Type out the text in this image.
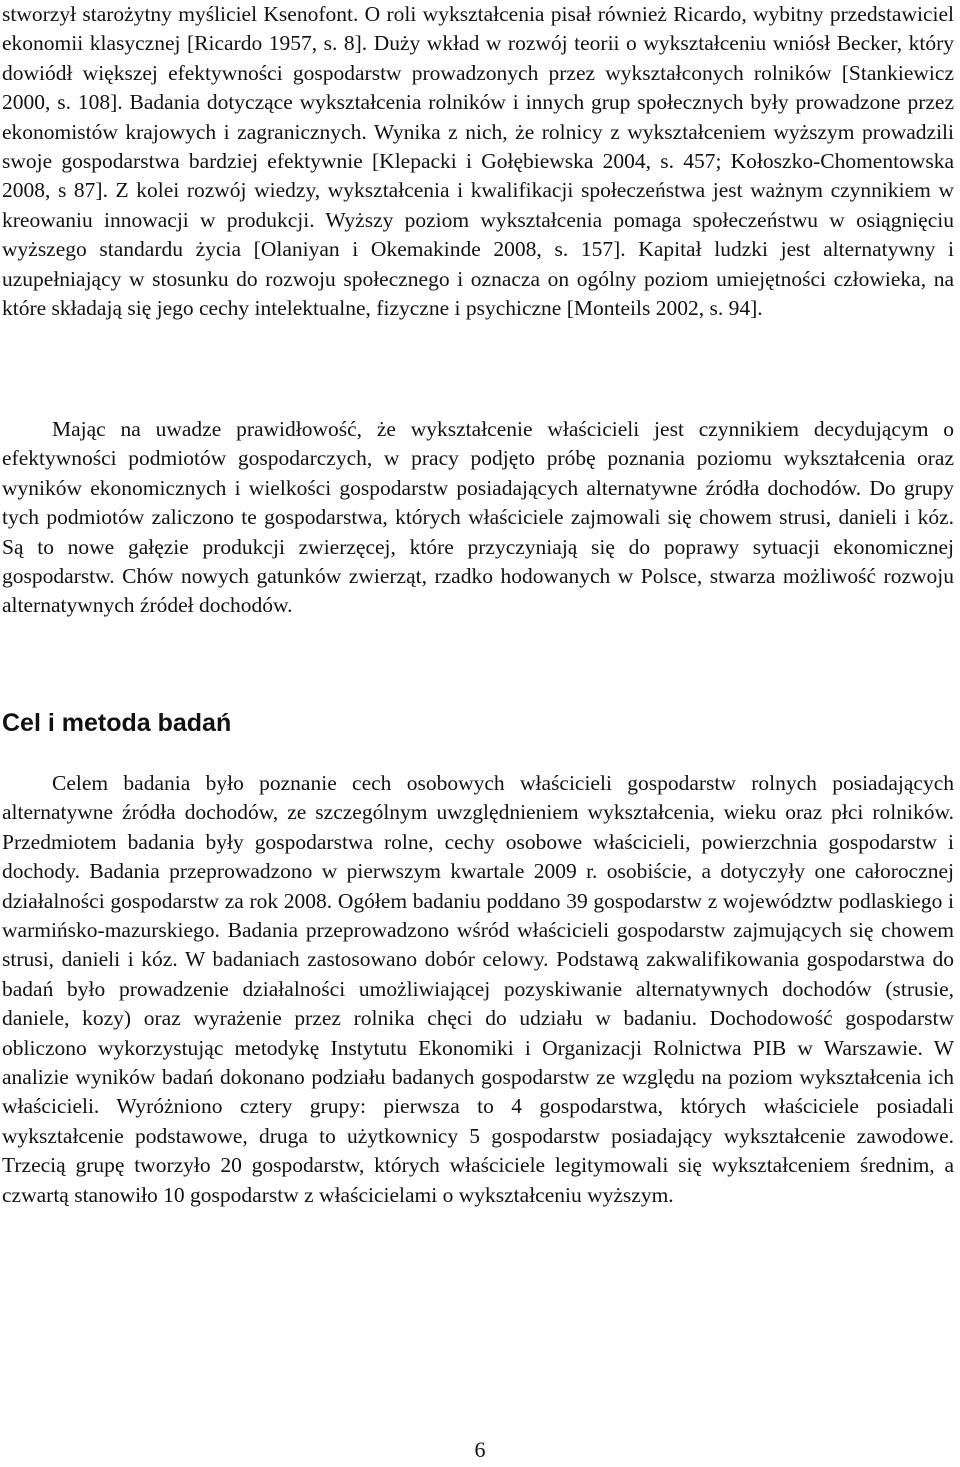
stworzył starożytny myśliciel Ksenofont. O roli wykształcenia pisał również Ricardo, wybitny przedstawiciel ekonomii klasycznej [Ricardo 1957, s. 8]. Duży wkład w rozwój teorii o wykształceniu wniósł Becker, który dowiódł większej efektywności gospodarstw prowadzonych przez wykształconych rolników [Stankiewicz 2000, s. 108]. Badania dotyczące wykształcenia rolników i innych grup społecznych były prowadzone przez ekonomistów krajowych i zagranicznych. Wynika z nich, że rolnicy z wykształceniem wyższym prowadzili swoje gospodarstwa bardziej efektywnie [Klepacki i Gołębiewska 2004, s. 457; Kołoszko-Chomentowska 2008, s 87]. Z kolei rozwój wiedzy, wykształcenia i kwalifikacji społeczeństwa jest ważnym czynnikiem w kreowaniu innowacji w produkcji. Wyższy poziom wykształcenia pomaga społeczeństwu w osiągnięciu wyższego standardu życia [Olaniyan i Okemakinde 2008, s. 157]. Kapitał ludzki jest alternatywny i uzupełniający w stosunku do rozwoju społecznego i oznacza on ogólny poziom umiejętności człowieka, na które składają się jego cechy intelektualne, fizyczne i psychiczne [Monteils 2002, s. 94].

Mając na uwadze prawidłowość, że wykształcenie właścicieli jest czynnikiem decydującym o efektywności podmiotów gospodarczych, w pracy podjęto próbę poznania poziomu wykształcenia oraz wyników ekonomicznych i wielkości gospodarstw posiadających alternatywne źródła dochodów. Do grupy tych podmiotów zaliczono te gospodarstwa, których właściciele zajmowali się chowem strusi, danieli i kóz. Są to nowe gałęzie produkcji zwierzęcej, które przyczyniają się do poprawy sytuacji ekonomicznej gospodarstw. Chów nowych gatunków zwierząt, rzadko hodowanych w Polsce, stwarza możliwość rozwoju alternatywnych źródeł dochodów.

Cel i metoda badań

Celem badania było poznanie cech osobowych właścicieli gospodarstw rolnych posiadających alternatywne źródła dochodów, ze szczególnym uwzględnieniem wykształcenia, wieku oraz płci rolników. Przedmiotem badania były gospodarstwa rolne, cechy osobowe właścicieli, powierzchnia gospodarstw i dochody. Badania przeprowadzono w pierwszym kwartale 2009 r. osobiście, a dotyczyły one całorocznej działalności gospodarstw za rok 2008. Ogółem badaniu poddano 39 gospodarstw z województw podlaskiego i warmińsko-mazurskiego. Badania przeprowadzono wśród właścicieli gospodarstw zajmujących się chowem strusi, danieli i kóz. W badaniach zastosowano dobór celowy. Podstawą zakwalifikowania gospodarstwa do badań było prowadzenie działalności umożliwiającej pozyskiwanie alternatywnych dochodów (strusie, daniele, kozy) oraz wyrażenie przez rolnika chęci do udziału w badaniu. Dochodowość gospodarstw obliczono wykorzystując metodykę Instytutu Ekonomiki i Organizacji Rolnictwa PIB w Warszawie. W analizie wyników badań dokonano podziału badanych gospodarstw ze względu na poziom wykształcenia ich właścicieli. Wyróżniono cztery grupy: pierwsza to 4 gospodarstwa, których właściciele posiadali wykształcenie podstawowe, druga to użytkownicy 5 gospodarstw posiadający wykształcenie zawodowe. Trzecią grupę tworzyło 20 gospodarstw, których właściciele legitymowali się wykształceniem średnim, a czwartą stanowiło 10 gospodarstw z właścicielami o wykształceniu wyższym.

6
